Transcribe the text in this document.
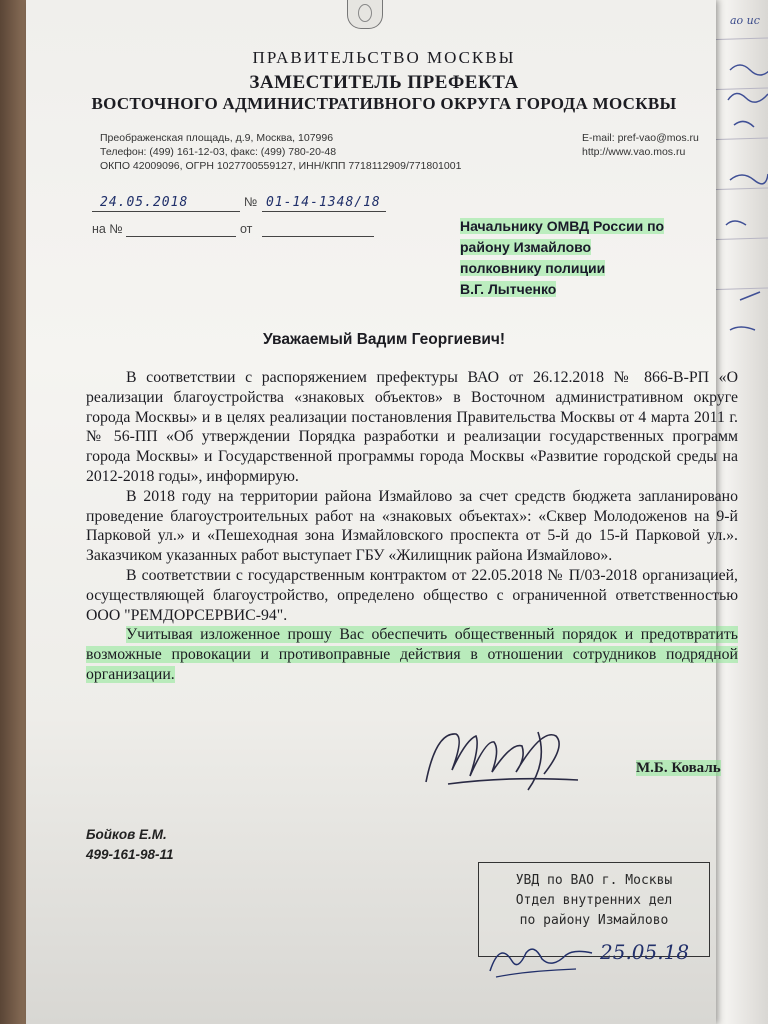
ао ис
ПРАВИТЕЛЬСТВО МОСКВЫ
ЗАМЕСТИТЕЛЬ ПРЕФЕКТА
ВОСТОЧНОГО АДМИНИСТРАТИВНОГО ОКРУГА ГОРОДА МОСКВЫ
Преображенская площадь, д.9, Москва, 107996
Телефон: (499) 161-12-03, факс: (499) 780-20-48
ОКПО 42009096, ОГРН 1027700559127, ИНН/КПП 7718112909/771801001
E-mail: pref-vao@mos.ru
http://www.vao.mos.ru
24.05.2018	№ 01-14-1348/18
на №	от	Начальнику ОМВД России по
району Измайлово
полковнику полиции
В.Г. Лытченко
Уважаемый Вадим Георгиевич!

В соответствии с распоряжением префектуры ВАО от 26.12.2018 № 866-В-РП «О реализации благоустройства «знаковых объектов» в Восточном административном округе города Москвы» и в целях реализации постановления Правительства Москвы от 4 марта 2011 г. № 56-ПП «Об утверждении Порядка разработки и реализации государственных программ города Москвы» и Государственной программы города Москвы «Развитие городской среды на 2012-2018 годы», информирую.

В 2018 году на территории района Измайлово за счет средств бюджета запланировано проведение благоустроительных работ на «знаковых объектах»: «Сквер Молодоженов на 9-й Парковой ул.» и «Пешеходная зона Измайловского проспекта от 5-й до 15-й Парковой ул.». Заказчиком указанных работ выступает ГБУ «Жилищник района Измайлово».

В соответствии с государственным контрактом от 22.05.2018 № П/03-2018 организацией, осуществляющей благоустройство, определено общество с ограниченной ответственностью ООО "РЕМДОРСЕРВИС-94".

Учитывая изложенное прошу Вас обеспечить общественный порядок и предотвратить возможные провокации и противоправные действия в отношении сотрудников подрядной организации.

М.Б. Коваль
Бойков Е.М.
499-161-98-11
УВД по ВАО г. Москвы
Отдел внутренних дел
по району Измайлово
25.05.18
